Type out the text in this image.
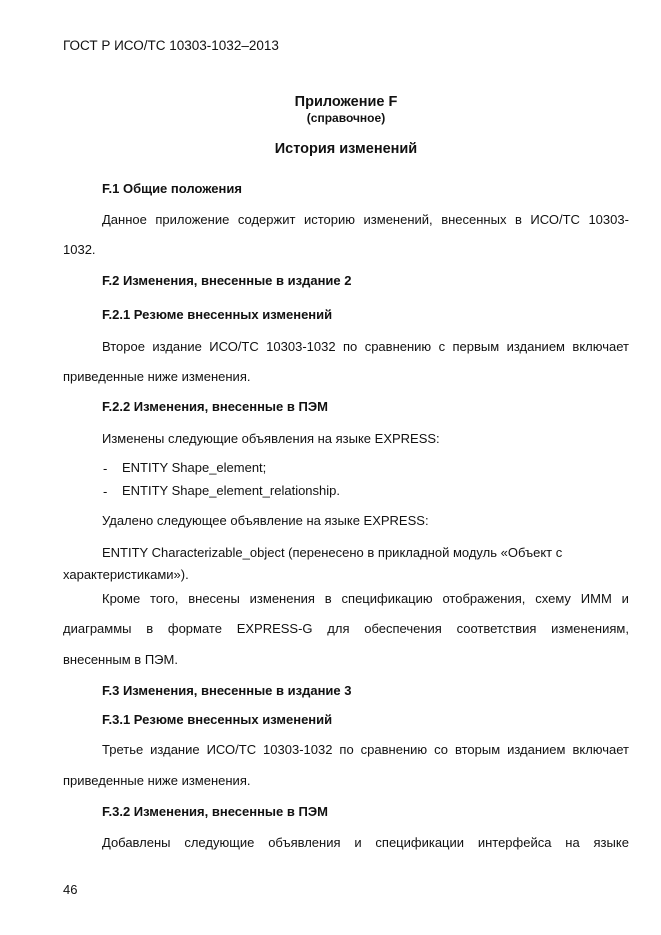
ГОСТ Р ИСО/ТС 10303-1032–2013
Приложение F
(справочное)
История изменений
F.1 Общие положения
Данное приложение содержит историю изменений, внесенных в ИСО/ТС 10303-
1032.
F.2 Изменения, внесенные в издание 2
F.2.1 Резюме внесенных изменений
Второе издание ИСО/ТС 10303-1032 по сравнению с первым изданием включает
приведенные ниже изменения.
F.2.2 Изменения, внесенные в ПЭМ
Изменены следующие объявления на языке EXPRESS:
- ENTITY Shape_element;
- ENTITY Shape_element_relationship.
Удалено следующее объявление на языке EXPRESS:
ENTITY Characterizable_object (перенесено в прикладной модуль «Объект с
характеристиками»).
Кроме того, внесены изменения в спецификацию отображения, схему ИММ и
диаграммы в формате EXPRESS-G для обеспечения соответствия изменениям,
внесенным в ПЭМ.
F.3 Изменения, внесенные в издание 3
F.3.1 Резюме внесенных изменений
Третье издание ИСО/ТС 10303-1032 по сравнению со вторым изданием включает
приведенные ниже изменения.
F.3.2 Изменения, внесенные в ПЭМ
Добавлены следующие объявления и спецификации интерфейса на языке
46
